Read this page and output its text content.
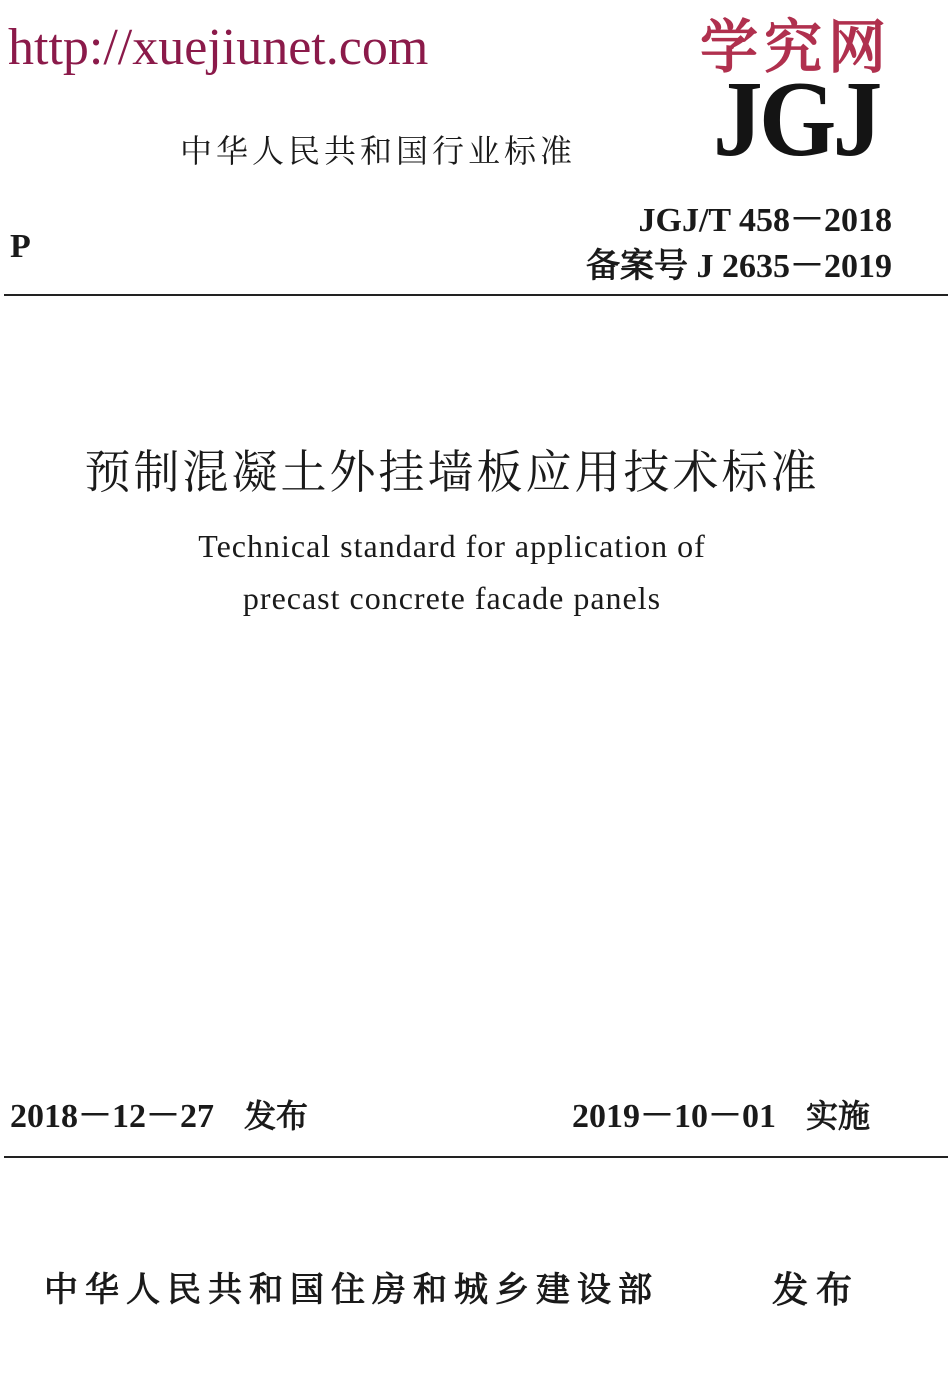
http://xuejiunet.com	学究网
JGJ
中华人民共和国行业标准
P
JGJ/T 458－2018
备案号 J 2635－2019
预制混凝土外挂墙板应用技术标准
Technical standard for application of
precast concrete facade panels
2018－12－27 发布	2019－10－01 实施
中华人民共和国住房和城乡建设部	发布
